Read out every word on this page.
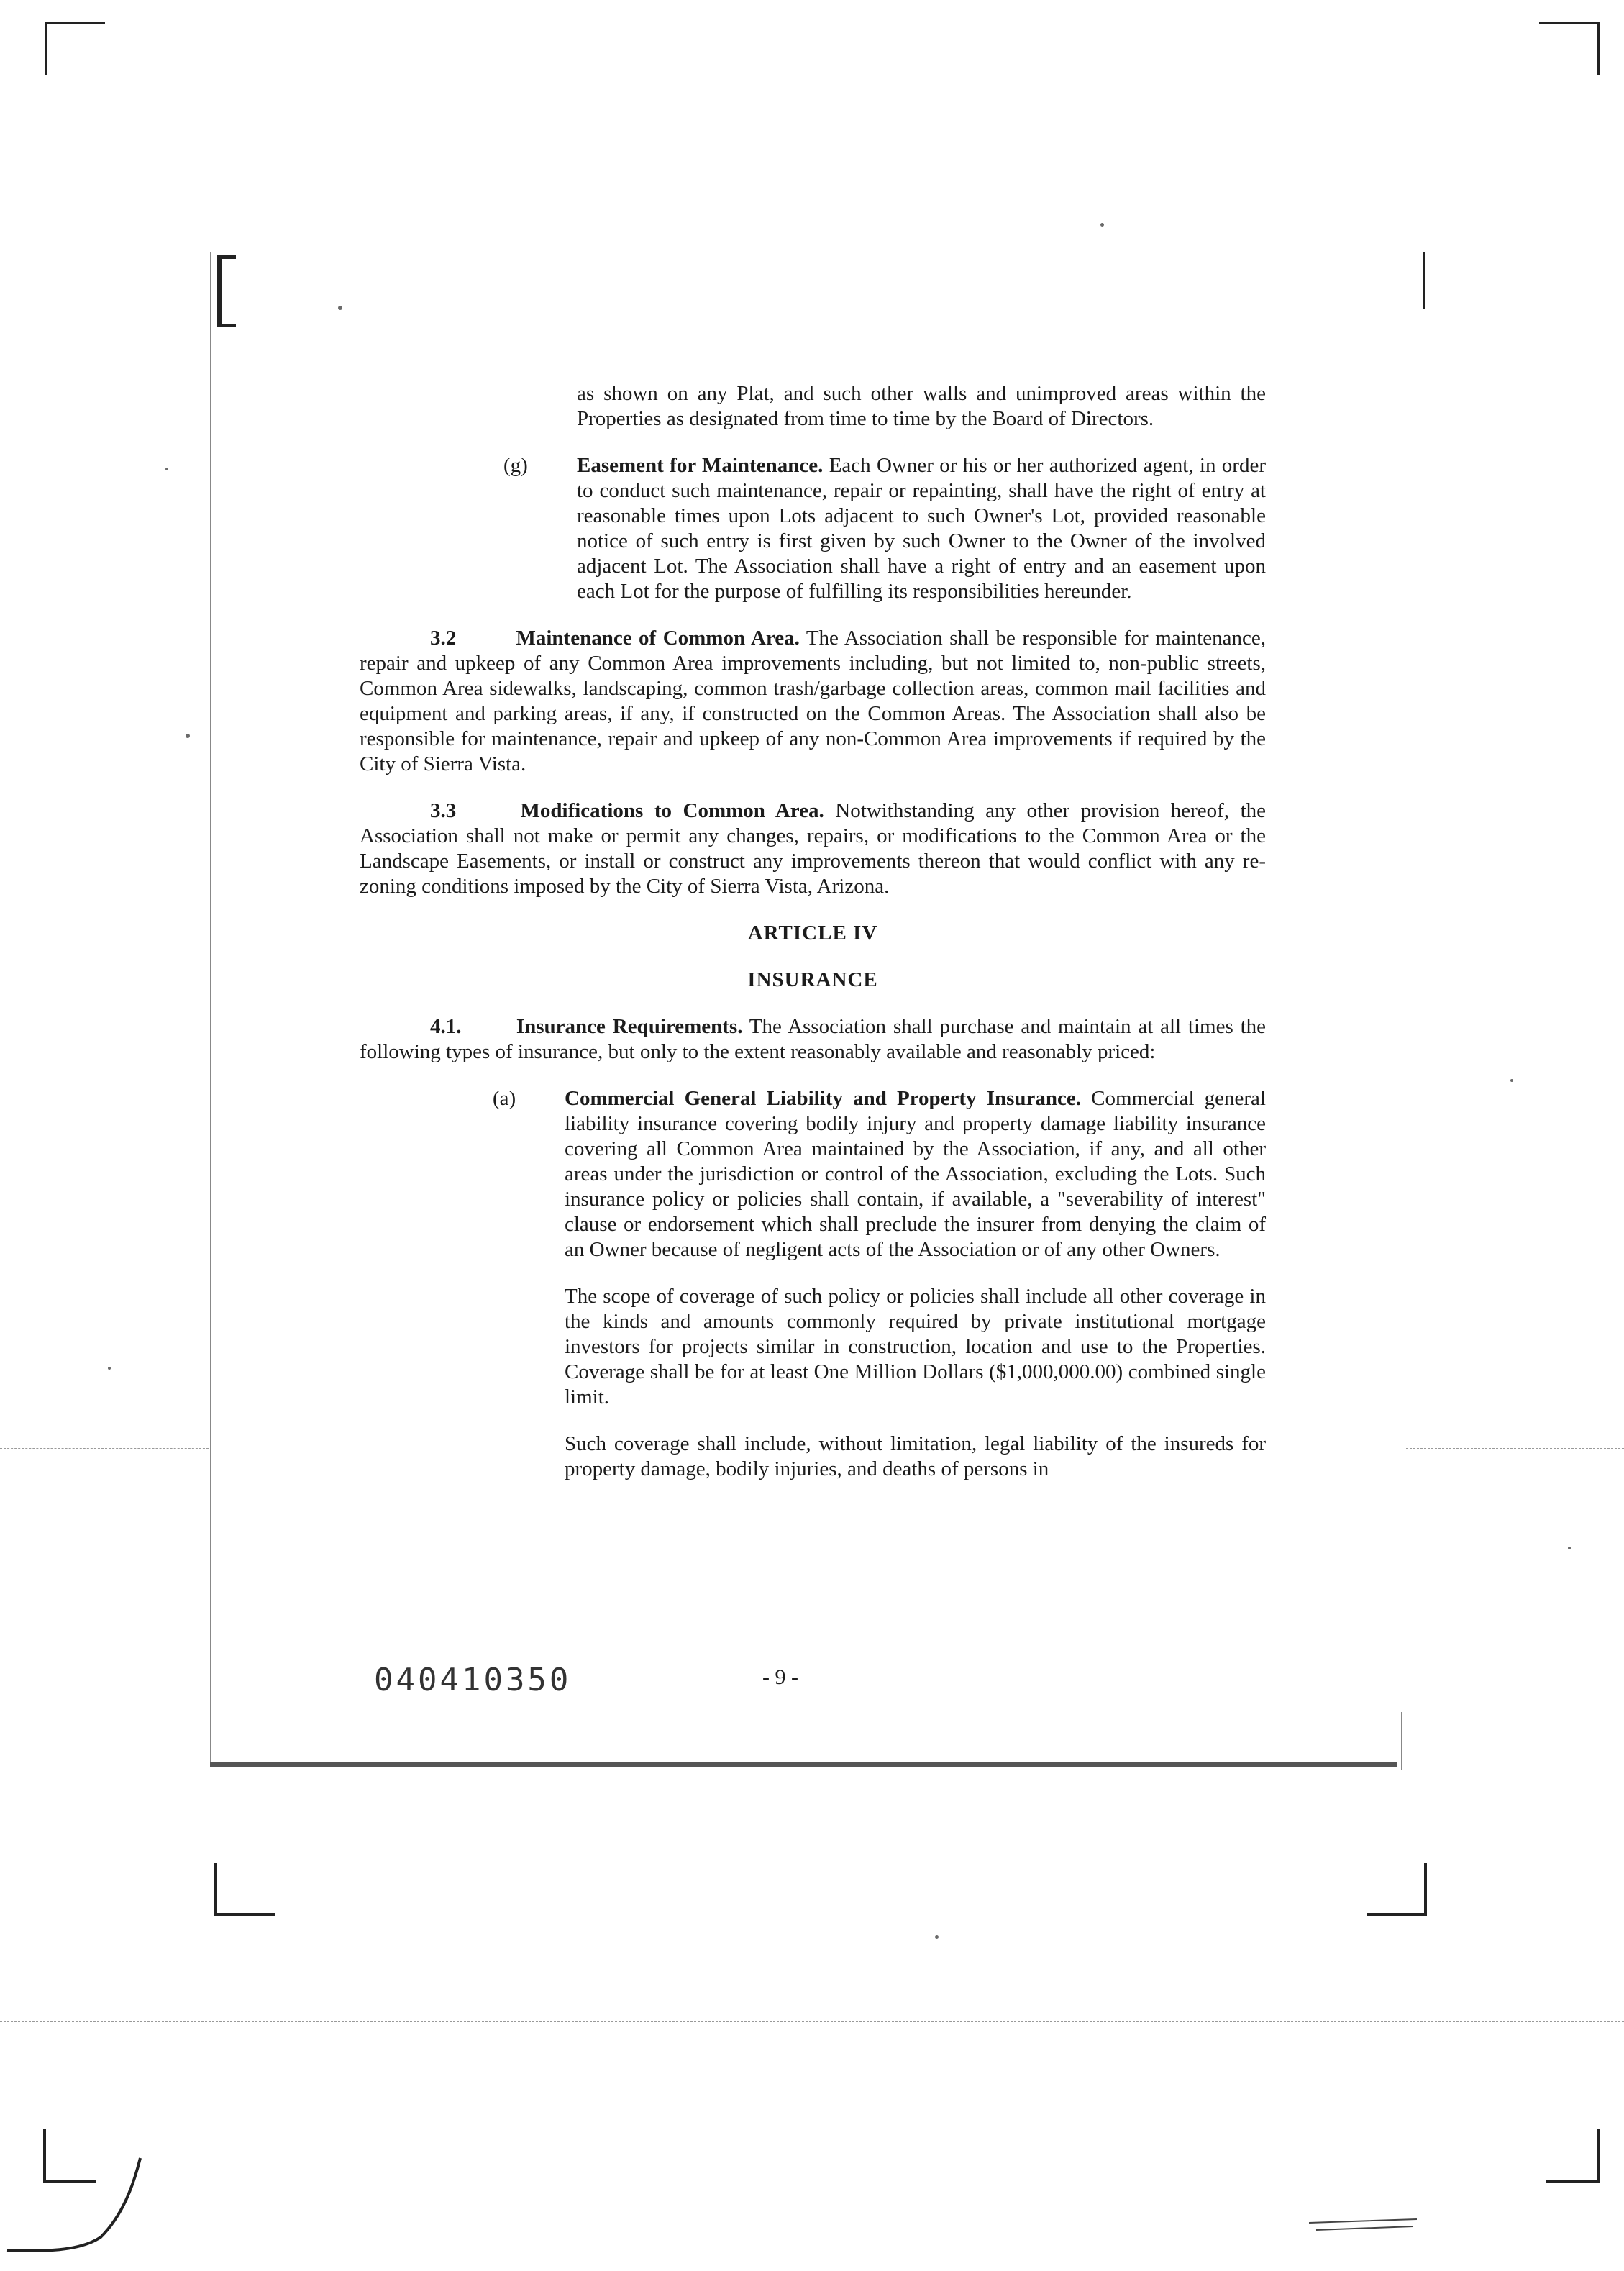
as shown on any Plat, and such other walls and unimproved areas within the Properties as designated from time to time by the Board of Directors.

(g) Easement for Maintenance. Each Owner or his or her authorized agent, in order to conduct such maintenance, repair or repainting, shall have the right of entry at reasonable times upon Lots adjacent to such Owner's Lot, provided reasonable notice of such entry is first given by such Owner to the Owner of the involved adjacent Lot. The Association shall have a right of entry and an easement upon each Lot for the purpose of fulfilling its responsibilities hereunder.

3.2	Maintenance of Common Area. The Association shall be responsible for maintenance, repair and upkeep of any Common Area improvements including, but not limited to, non-public streets, Common Area sidewalks, landscaping, common trash/garbage collection areas, common mail facilities and equipment and parking areas, if any, if constructed on the Common Areas. The Association shall also be responsible for maintenance, repair and upkeep of any non-Common Area improvements if required by the City of Sierra Vista.

3.3	Modifications to Common Area. Notwithstanding any other provision hereof, the Association shall not make or permit any changes, repairs, or modifications to the Common Area or the Landscape Easements, or install or construct any improvements thereon that would conflict with any re-zoning conditions imposed by the City of Sierra Vista, Arizona.

ARTICLE IV
INSURANCE

4.1.	Insurance Requirements. The Association shall purchase and maintain at all times the following types of insurance, but only to the extent reasonably available and reasonably priced:

(a) Commercial General Liability and Property Insurance. Commercial general liability insurance covering bodily injury and property damage liability insurance covering all Common Area maintained by the Association, if any, and all other areas under the jurisdiction or control of the Association, excluding the Lots. Such insurance policy or policies shall contain, if available, a "severability of interest" clause or endorsement which shall preclude the insurer from denying the claim of an Owner because of negligent acts of the Association or of any other Owners.

The scope of coverage of such policy or policies shall include all other coverage in the kinds and amounts commonly required by private institutional mortgage investors for projects similar in construction, location and use to the Properties. Coverage shall be for at least One Million Dollars ($1,000,000.00) combined single limit.

Such coverage shall include, without limitation, legal liability of the insureds for property damage, bodily injuries, and deaths of persons in

040410350	- 9 -
